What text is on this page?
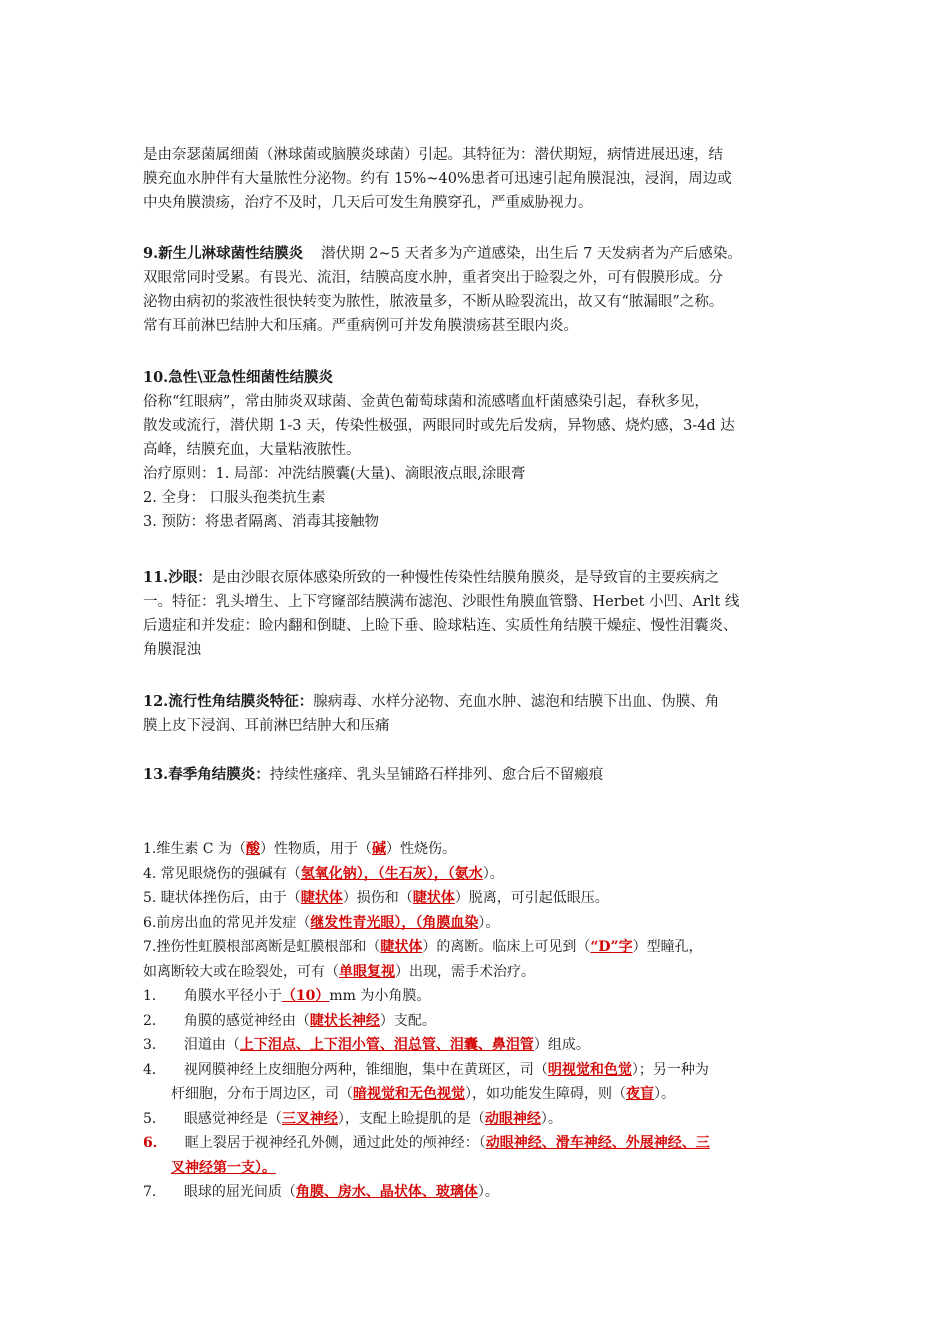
是由奈瑟菌属细菌（淋球菌或脑膜炎球菌）引起。其特征为：潜伏期短，病情进展迅速，结
膜充血水肿伴有大量脓性分泌物。约有 15%~40%患者可迅速引起角膜混浊，浸润，周边或
中央角膜溃疡，治疗不及时，几天后可发生角膜穿孔，严重威胁视力。
9.新生儿淋球菌性结膜炎 潜伏期 2~5 天者多为产道感染，出生后 7 天发病者为产后感染。
双眼常同时受累。有畏光、流泪，结膜高度水肿，重者突出于睑裂之外，可有假膜形成。分
泌物由病初的浆液性很快转变为脓性，脓液量多，不断从睑裂流出，故又有“脓漏眼”之称。
常有耳前淋巴结肿大和压痛。严重病例可并发角膜溃疡甚至眼内炎。
10.急性\亚急性细菌性结膜炎
俗称“红眼病”，常由肺炎双球菌、金黄色葡萄球菌和流感嗜血杆菌感染引起，春秋多见，
散发或流行，潜伏期 1-3 天，传染性极强，两眼同时或先后发病，异物感、烧灼感，3-4d 达
高峰，结膜充血，大量粘液脓性。
治疗原则：1. 局部：冲洗结膜囊(大量)、滴眼液点眼,涂眼膏
2. 全身： 口服头孢类抗生素
3. 预防：将患者隔离、消毒其接触物
11.沙眼：是由沙眼衣原体感染所致的一种慢性传染性结膜角膜炎，是导致盲的主要疾病之
一。特征：乳头增生、上下穹窿部结膜满布滤泡、沙眼性角膜血管翳、Herbet 小凹、Arlt 线
后遗症和并发症：睑内翻和倒睫、上睑下垂、睑球粘连、实质性角结膜干燥症、慢性泪囊炎、
角膜混浊
12.流行性角结膜炎特征：腺病毒、水样分泌物、充血水肿、滤泡和结膜下出血、伪膜、角
膜上皮下浸润、耳前淋巴结肿大和压痛
13.春季角结膜炎：持续性瘙痒、乳头呈铺路石样排列、愈合后不留瘢痕
1.维生素 C 为（酸）性物质，用于（碱）性烧伤。
4. 常见眼烧伤的强碱有（氢氧化钠），（生石灰），（氨水）。
5. 睫状体挫伤后，由于（睫状体）损伤和（睫状体）脱离，可引起低眼压。
6.前房出血的常见并发症（继发性青光眼），（角膜血染）。
7.挫伤性虹膜根部离断是虹膜根部和（睫状体）的离断。临床上可见到（“D”字）型瞳孔，
如离断较大或在睑裂处，可有（单眼复视）出现，需手术治疗。
1． 角膜水平径小于（10）mm 为小角膜。
2． 角膜的感觉神经由（睫状长神经）支配。
3． 泪道由（上下泪点、上下泪小管、泪总管、泪囊、鼻泪管）组成。
4． 视网膜神经上皮细胞分两种，锥细胞，集中在黄斑区，司（明视觉和色觉）；另一种为
杆细胞，分布于周边区，司（暗视觉和无色视觉），如功能发生障碍，则（夜盲）。
5． 眼感觉神经是（三叉神经），支配上睑提肌的是（动眼神经）。
6． 眶上裂居于视神经孔外侧，通过此处的颅神经：（动眼神经、滑车神经、外展神经、三
叉神经第一支）。
7． 眼球的屈光间质（角膜、房水、晶状体、玻璃体）。
